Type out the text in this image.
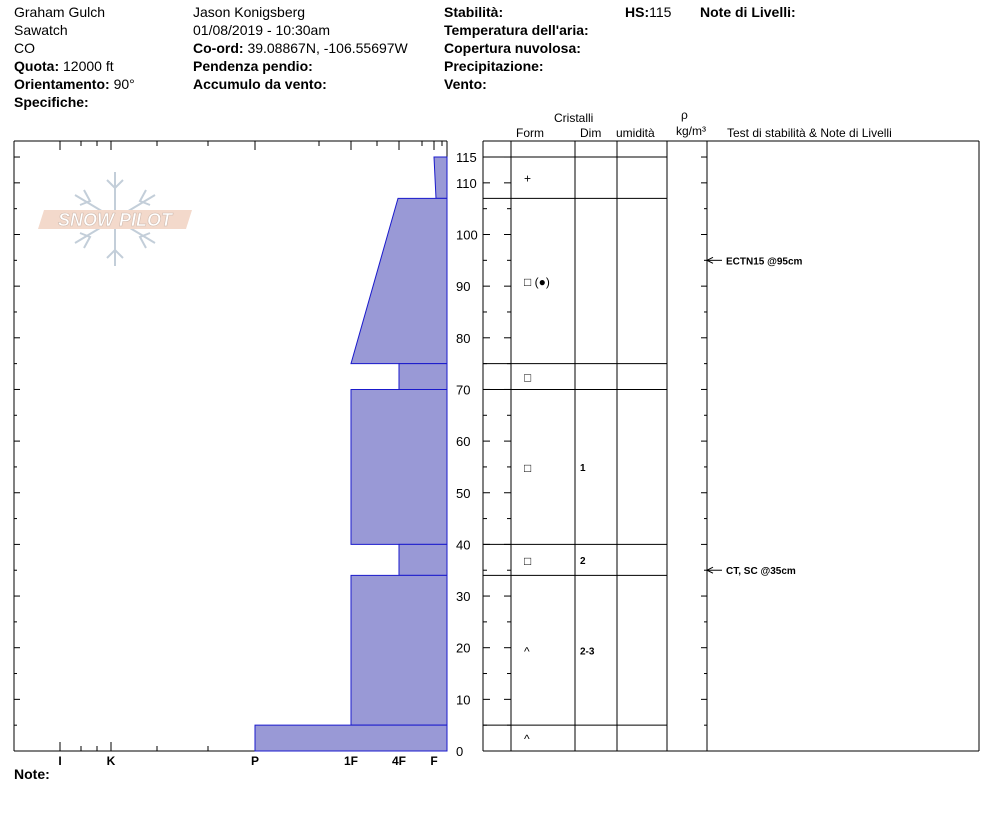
Graham Gulch
Sawatch
CO
Quota: 12000 ft
Orientamento: 90°
Specifiche:
Jason Konigsberg
01/08/2019 - 10:30am
Co-ord: 39.08867N, -106.55697W
Pendenza pendio:
Accumulo da vento:
Stabilità:
Temperatura dell'aria:
Copertura nuvolosa:
Precipitazione:
Vento:
HS:115 Note di Livelli:
Cristalli
Form	Dim umidità
ρ
kg/m³ Test di stabilità & Note di Livelli
Note:
SNOW PILOT
I	K	P	1F	4F F
0
10
20
30
40
50
60
70
80
90
100
110
115
+
□ (●)
□
□	1
□	2
^	2-3
^
ECTN15 @95cm
CT, SC @35cm
